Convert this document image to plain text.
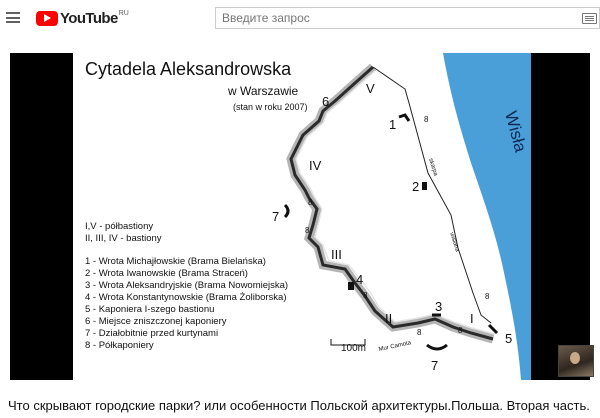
YouTube RU
Введите запрос
Wisła
Cytadela Aleksandrowska
w Warszawie
(stan w roku 2007)
V
IV
III
II	I
1
2
3
4
5
6
7
7
8
8
8
8
8	8
8
skarpa
wiślana
Mur Camota
100m
I,V - półbastiony
II, III, IV - bastiony
1 - Wrota Michajłowskie (Brama Bielańska)
2 - Wrota Iwanowskie (Brama Straceń)
3 - Wrota Aleksandryjskie (Brama Nowomiejska)
4 - Wrota Konstantynowskie (Brama Żoliborska)
5 - Kaponiera I-szego bastionu
6 - Miejsce zniszczonej kaponiery
7 - Działobitnie przed kurtynami
8 - Półkaponiery
Что скрывают городские парки? или особенности Польской архитектуры.Польша. Вторая часть.
